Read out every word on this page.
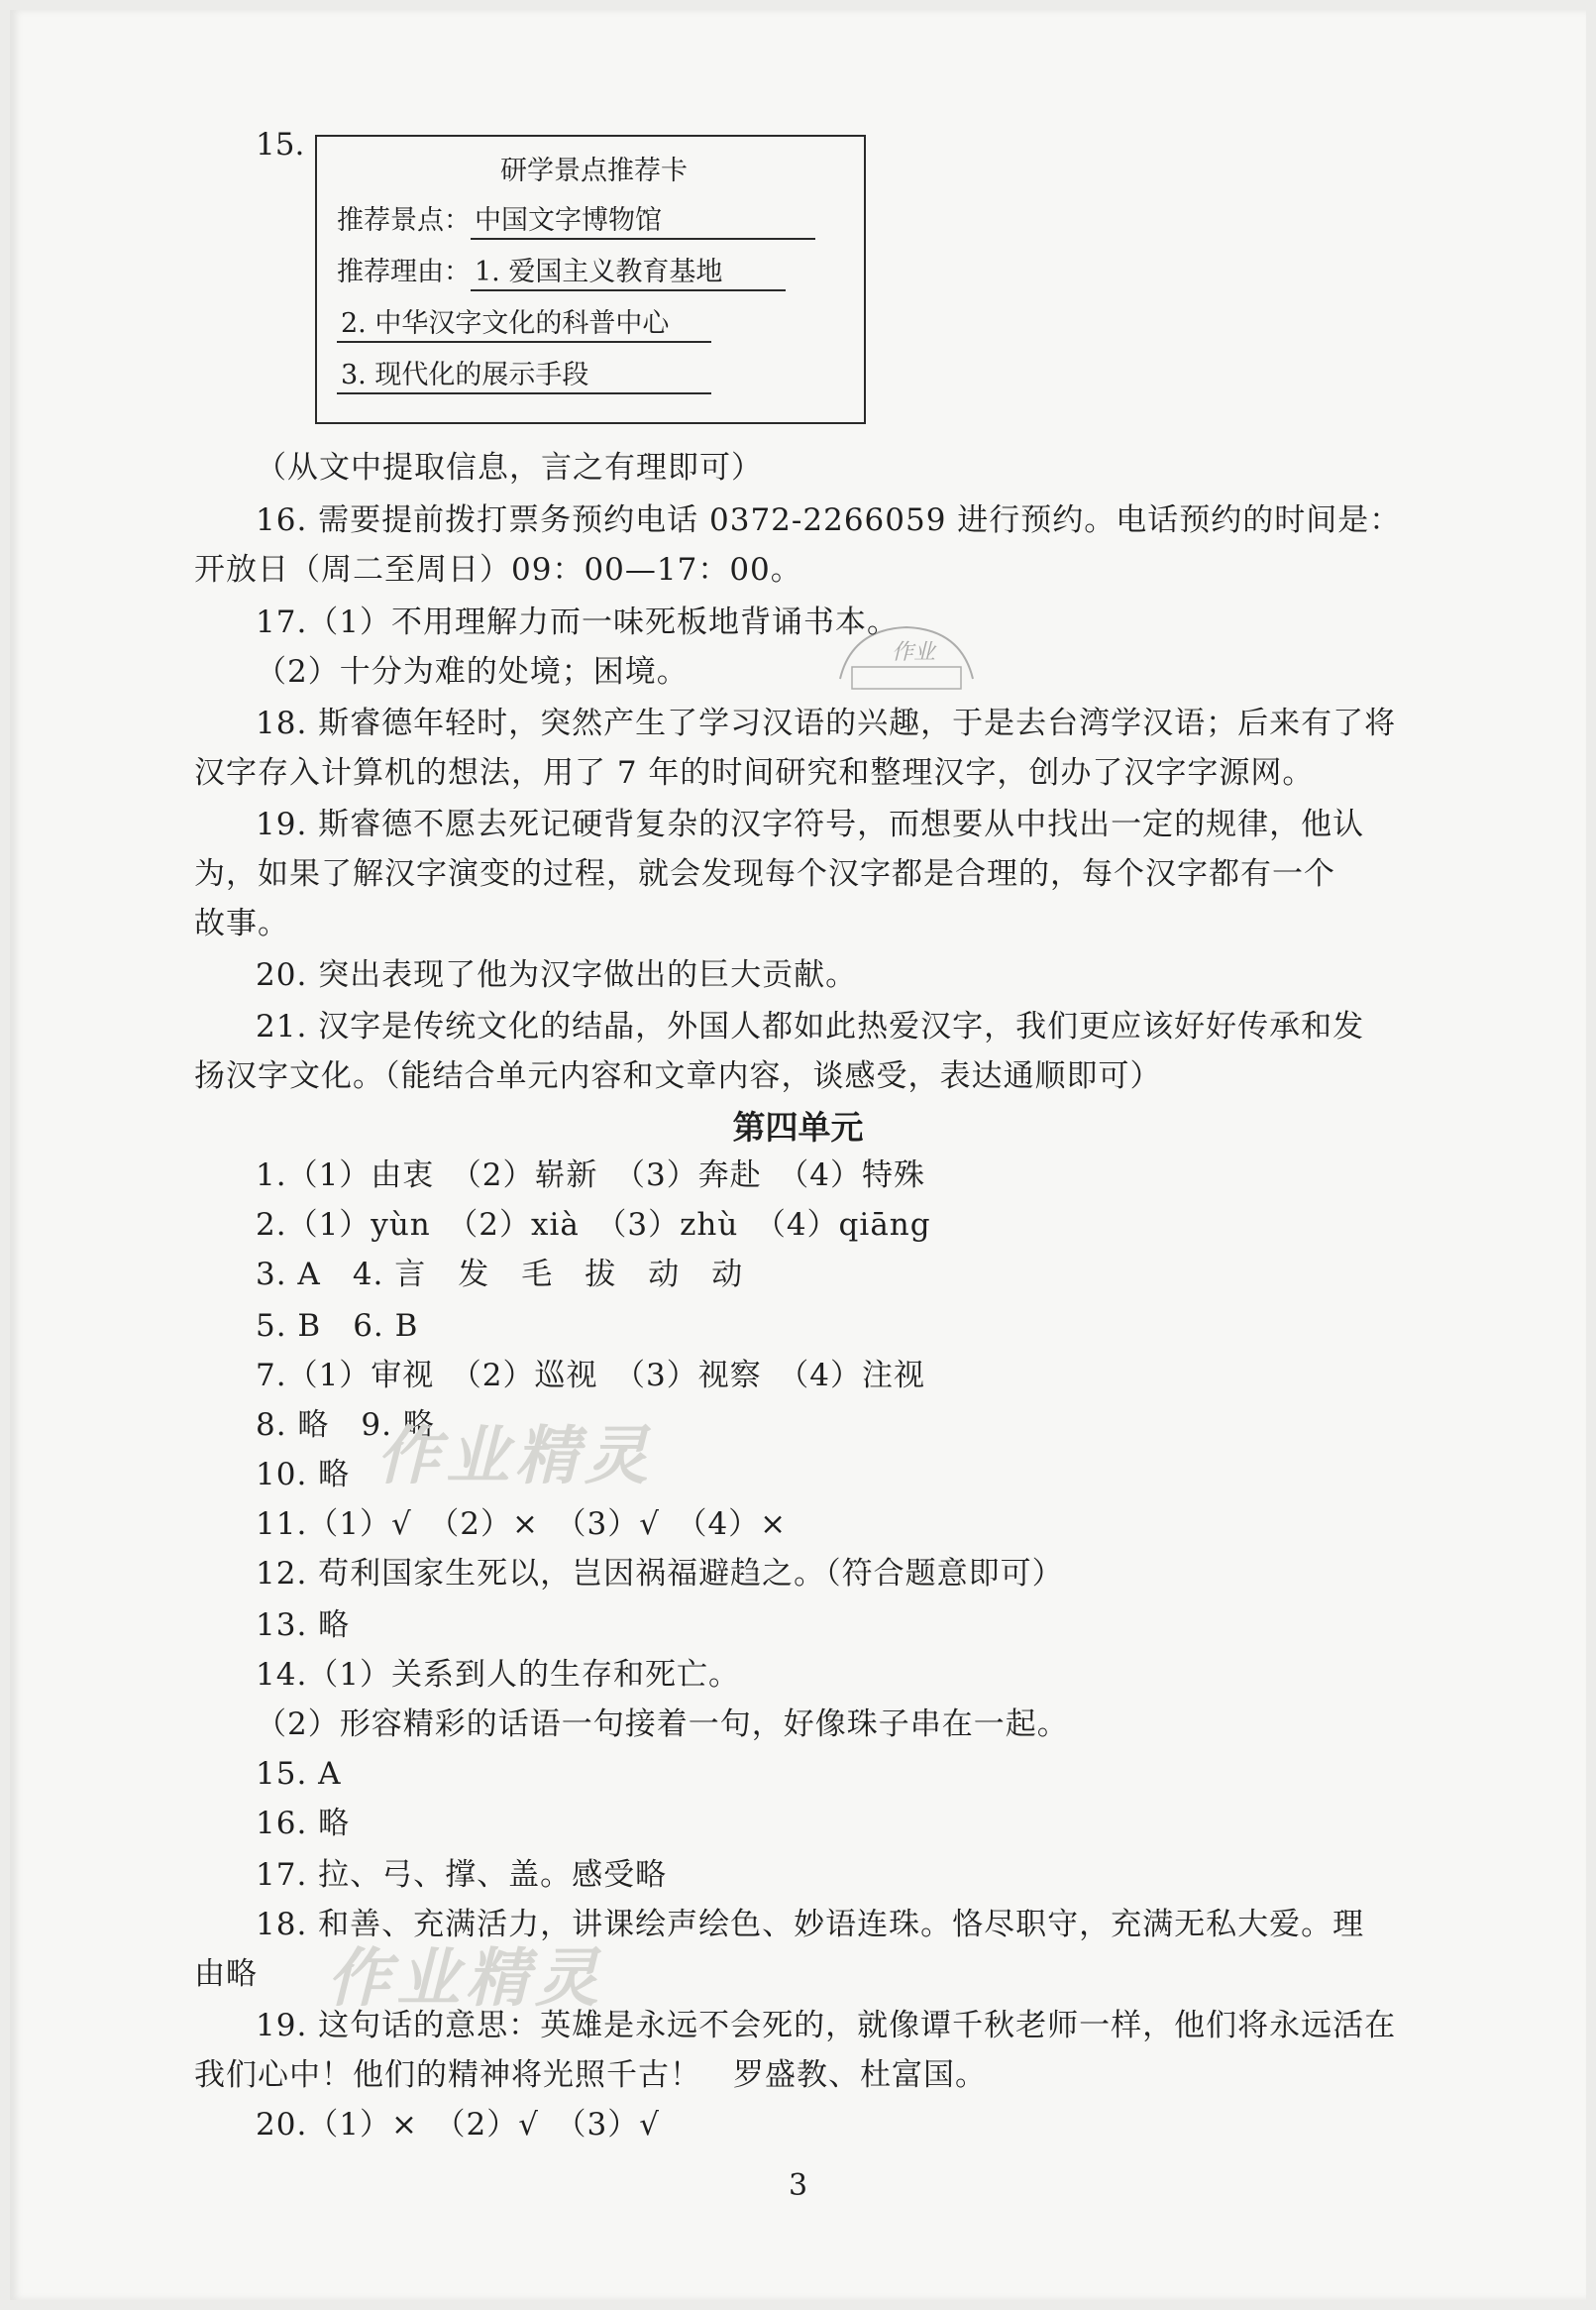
15.
研学景点推荐卡
推荐景点： 中国文字博物馆
推荐理由： 1. 爱国主义教育基地
2. 中华汉字文化的科普中心
3. 现代化的展示手段
（从文中提取信息，言之有理即可）
16. 需要提前拨打票务预约电话 0372-2266059 进行预约。电话预约的时间是：
开放日（周二至周日）09：00—17：00。
17.（1）不用理解力而一味死板地背诵书本。
（2）十分为难的处境；困境。
18. 斯睿德年轻时，突然产生了学习汉语的兴趣，于是去台湾学汉语；后来有了将
汉字存入计算机的想法，用了 7 年的时间研究和整理汉字，创办了汉字字源网。
19. 斯睿德不愿去死记硬背复杂的汉字符号，而想要从中找出一定的规律，他认
为，如果了解汉字演变的过程，就会发现每个汉字都是合理的，每个汉字都有一个
故事。
20. 突出表现了他为汉字做出的巨大贡献。
21. 汉字是传统文化的结晶，外国人都如此热爱汉字，我们更应该好好传承和发
扬汉字文化。（能结合单元内容和文章内容，谈感受，表达通顺即可）
第四单元
1.（1）由衷　（2）崭新　（3）奔赴　（4）特殊
2.（1）yùn　（2）xià　（3）zhù　（4）qiāng
3. A　4. 言　发　毛　拔　动　动
5. B　6. B
7.（1）审视　（2）巡视　（3）视察　（4）注视
8. 略　9. 略
10. 略
11.（1）√　（2）×　（3）√　（4）×
12. 苟利国家生死以，岂因祸福避趋之。（符合题意即可）
13. 略
14.（1）关系到人的生存和死亡。
（2）形容精彩的话语一句接着一句，好像珠子串在一起。
15. A
16. 略
17. 拉、弓、撑、盖。感受略
18. 和善、充满活力，讲课绘声绘色、妙语连珠。恪尽职守，充满无私大爱。理
由略
19. 这句话的意思：英雄是永远不会死的，就像谭千秋老师一样，他们将永远活在
我们心中！他们的精神将光照千古！　罗盛教、杜富国。
20.（1）×　（2）√　（3）√
3
作业
作业精灵
作业精灵
